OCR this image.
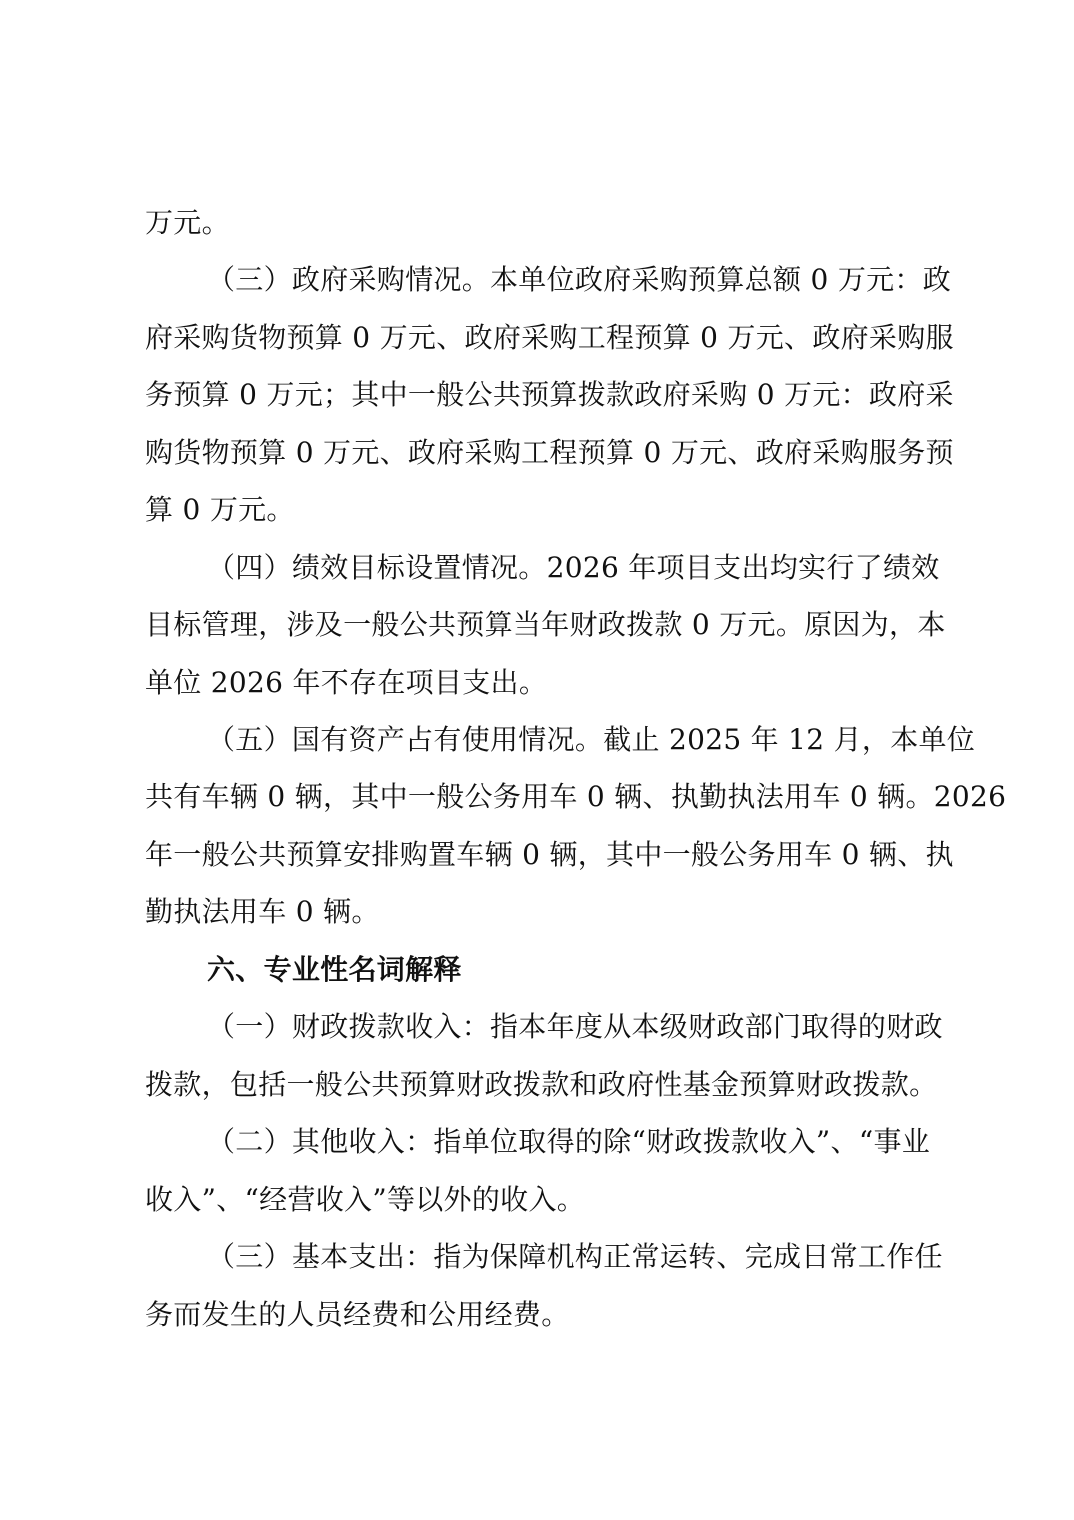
万元。
（三）政府采购情况。本单位政府采购预算总额 0 万元：政
府采购货物预算 0 万元、政府采购工程预算 0 万元、政府采购服
务预算 0 万元；其中一般公共预算拨款政府采购 0 万元：政府采
购货物预算 0 万元、政府采购工程预算 0 万元、政府采购服务预
算 0 万元。
（四）绩效目标设置情况。2026 年项目支出均实行了绩效
目标管理，涉及一般公共预算当年财政拨款 0 万元。原因为，本
单位 2026 年不存在项目支出。
（五）国有资产占有使用情况。截止 2025 年 12 月，本单位
共有车辆 0 辆，其中一般公务用车 0 辆、执勤执法用车 0 辆。2026
年一般公共预算安排购置车辆 0 辆，其中一般公务用车 0 辆、执
勤执法用车 0 辆。
六、专业性名词解释
（一）财政拨款收入：指本年度从本级财政部门取得的财政
拨款，包括一般公共预算财政拨款和政府性基金预算财政拨款。
（二）其他收入：指单位取得的除“财政拨款收入”、“事业
收入”、“经营收入”等以外的收入。
（三）基本支出：指为保障机构正常运转、完成日常工作任
务而发生的人员经费和公用经费。
